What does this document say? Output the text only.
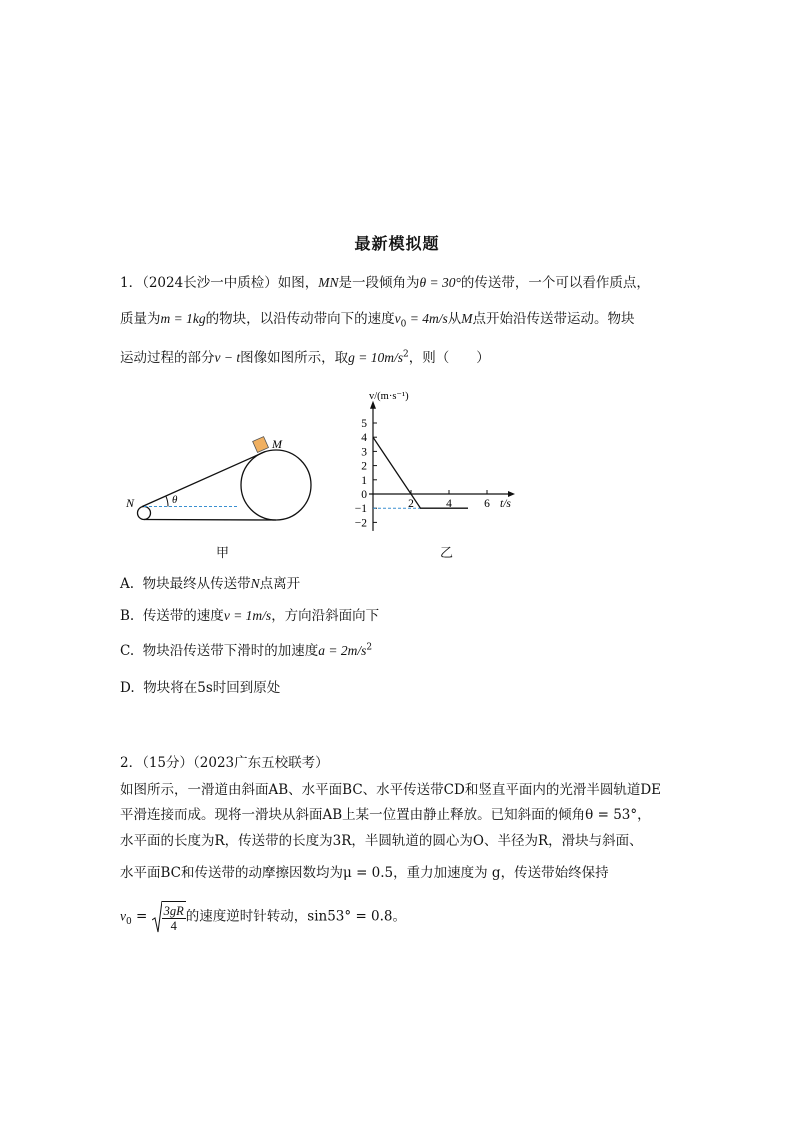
最新模拟题
1．（2024长沙一中质检）如图，MN是一段倾角为θ = 30°的传送带，一个可以看作质点，
质量为m = 1kg的物块，以沿传动带向下的速度$v_0 = 4m/s$从M点开始沿传送带运动。物块
运动过程的部分v − t图像如图所示，取$g = 10m/s^2$，则（　　）
M
N	θ
甲
5
4
3
2
1
0
−1
−2
2	4	6
v/(m·s⁻¹)
t/s
乙
A. 物块最终从传送带N点离开
B. 传送带的速度v = 1m/s，方向沿斜面向下
C. 物块沿传送带下滑时的加速度$a = 2m/s^2$
D. 物块将在5s时回到原处
2．（15分）（2023广东五校联考）
如图所示，一滑道由斜面AB、水平面BC、水平传送带CD和竖直平面内的光滑半圆轨道DE
平滑连接而成。现将一滑块从斜面AB上某一位置由静止释放。已知斜面的倾角θ = 53°，
水平面的长度为R，传送带的长度为3R，半圆轨道的圆心为O、半径为R，滑块与斜面、
水平面BC和传送带的动摩擦因数均为μ = 0.5，重力加速度为 g，传送带始终保持
$v_0 = \frac{3gR}{4}$ 的速度逆时针转动，sin53° = 0.8。
